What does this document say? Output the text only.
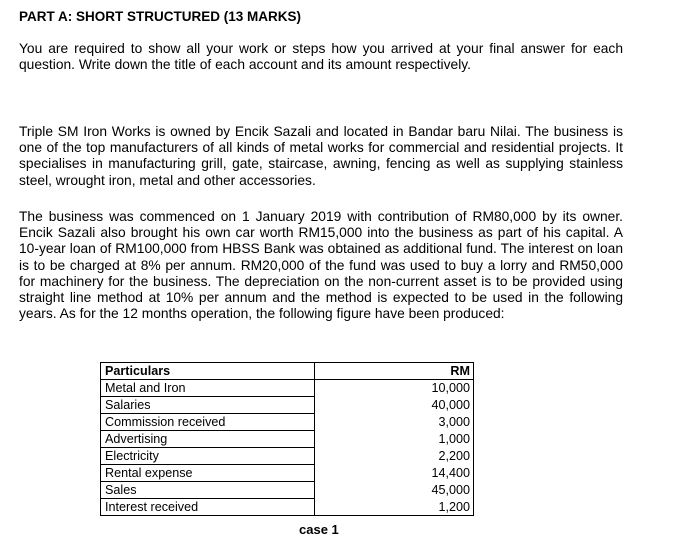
PART A: SHORT STRUCTURED (13 MARKS)

You are required to show all your work or steps how you arrived at your final answer for each question. Write down the title of each account and its amount respectively.

Triple SM Iron Works is owned by Encik Sazali and located in Bandar baru Nilai. The business is one of the top manufacturers of all kinds of metal works for commercial and residential projects. It specialises in manufacturing grill, gate, staircase, awning, fencing as well as supplying stainless steel, wrought iron, metal and other accessories.

The business was commenced on 1 January 2019 with contribution of RM80,000 by its owner. Encik Sazali also brought his own car worth RM15,000 into the business as part of his capital. A 10-year loan of RM100,000 from HBSS Bank was obtained as additional fund. The interest on loan is to be charged at 8% per annum. RM20,000 of the fund was used to buy a lorry and RM50,000 for machinery for the business. The depreciation on the non-current asset is to be provided using straight line method at 10% per annum and the method is expected to be used in the following years. As for the 12 months operation, the following figure have been produced:

Particulars	RM
Metal and Iron	10,000
Salaries	40,000
Commission received	3,000
Advertising	1,000
Electricity	2,200
Rental expense	14,400
Sales	45,000
Interest received	1,200

case 1
